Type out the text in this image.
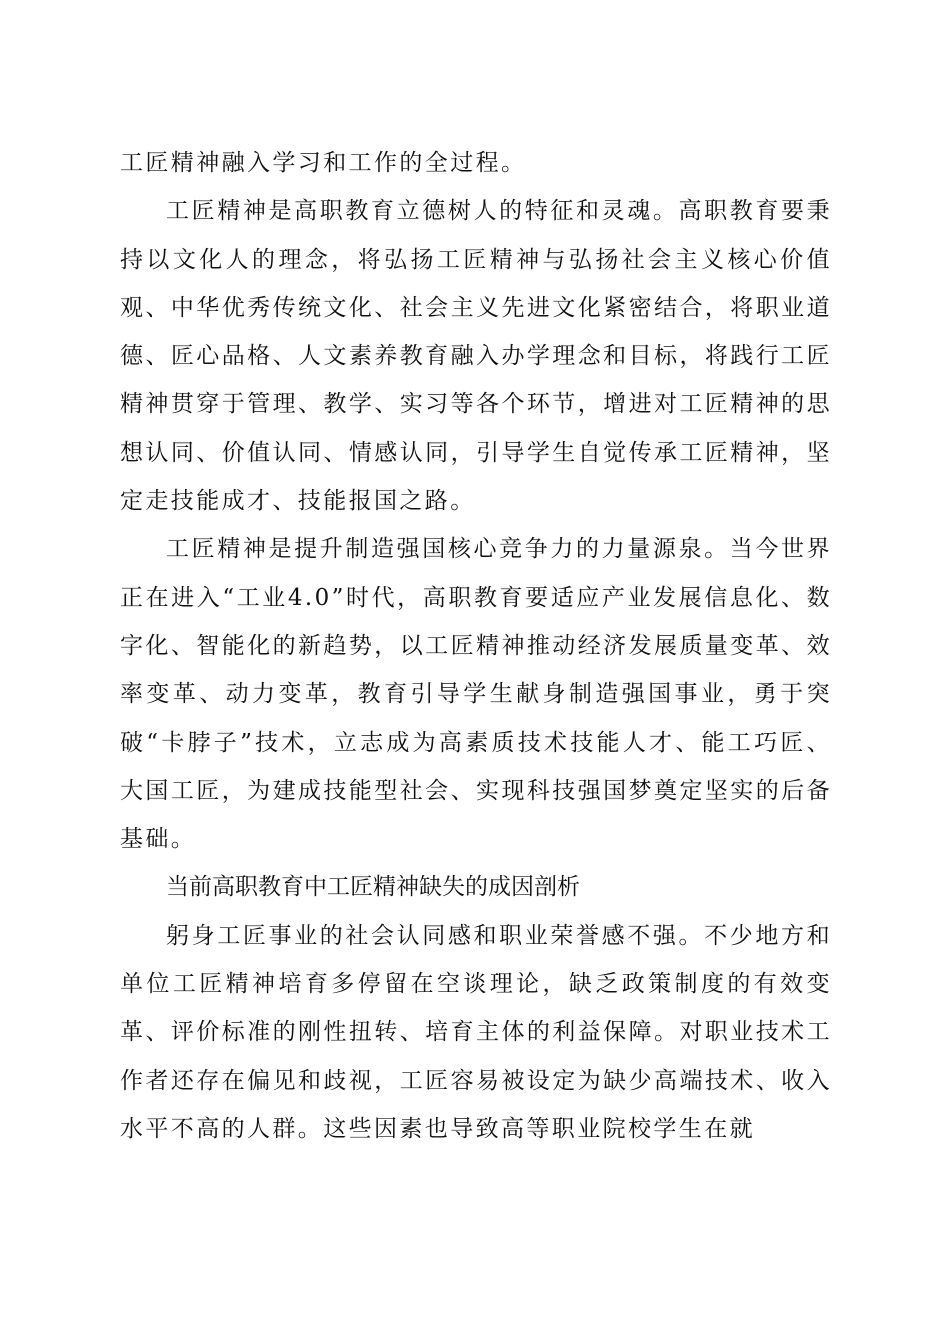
工匠精神融入学习和工作的全过程。

工匠精神是高职教育立德树人的特征和灵魂。高职教育要秉持以文化人的理念，将弘扬工匠精神与弘扬社会主义核心价值观、中华优秀传统文化、社会主义先进文化紧密结合，将职业道德、匠心品格、人文素养教育融入办学理念和目标，将践行工匠精神贯穿于管理、教学、实习等各个环节，增进对工匠精神的思想认同、价值认同、情感认同，引导学生自觉传承工匠精神，坚定走技能成才、技能报国之路。

工匠精神是提升制造强国核心竞争力的力量源泉。当今世界正在进入“工业4.0”时代，高职教育要适应产业发展信息化、数字化、智能化的新趋势，以工匠精神推动经济发展质量变革、效率变革、动力变革，教育引导学生献身制造强国事业，勇于突破“卡脖子”技术，立志成为高素质技术技能人才、能工巧匠、大国工匠，为建成技能型社会、实现科技强国梦奠定坚实的后备基础。

当前高职教育中工匠精神缺失的成因剖析

躬身工匠事业的社会认同感和职业荣誉感不强。不少地方和单位工匠精神培育多停留在空谈理论，缺乏政策制度的有效变革、评价标准的刚性扭转、培育主体的利益保障。对职业技术工作者还存在偏见和歧视，工匠容易被设定为缺少高端技术、收入水平不高的人群。这些因素也导致高等职业院校学生在就
